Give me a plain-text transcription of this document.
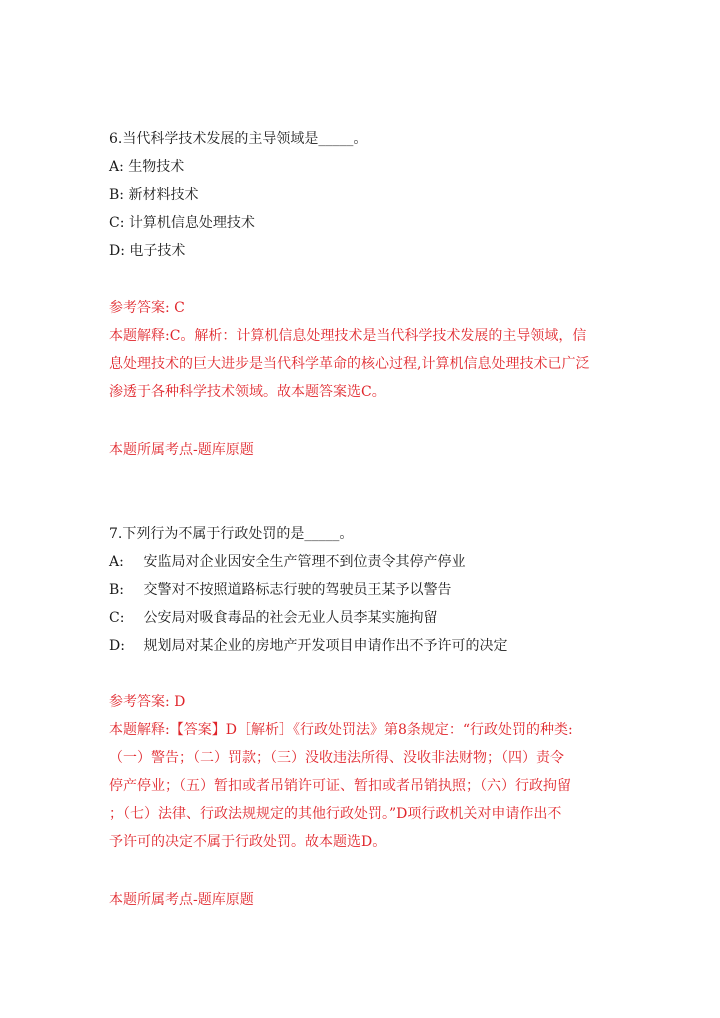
6.当代科学技术发展的主导领域是_____。
A: 生物技术
B: 新材料技术
C: 计算机信息处理技术
D: 电子技术
参考答案: C
本题解释:C。解析：计算机信息处理技术是当代科学技术发展的主导领域，信
息处理技术的巨大进步是当代科学革命的核心过程,计算机信息处理技术已广泛
渗透于各种科学技术领域。故本题答案选C。
本题所属考点-题库原题
7.下列行为不属于行政处罚的是_____。
A: 安监局对企业因安全生产管理不到位责令其停产停业
B: 交警对不按照道路标志行驶的驾驶员王某予以警告
C: 公安局对吸食毒品的社会无业人员李某实施拘留
D: 规划局对某企业的房地产开发项目申请作出不予许可的决定
参考答案: D
本题解释:【答案】D［解析］《行政处罚法》第8条规定：“行政处罚的种类:
（一）警告；（二）罚款；（三）没收违法所得、没收非法财物；（四）责令
停产停业；（五）暂扣或者吊销许可证、暂扣或者吊销执照；（六）行政拘留
；（七）法律、行政法规规定的其他行政处罚。”D项行政机关对申请作出不
予许可的决定不属于行政处罚。故本题选D。
本题所属考点-题库原题
